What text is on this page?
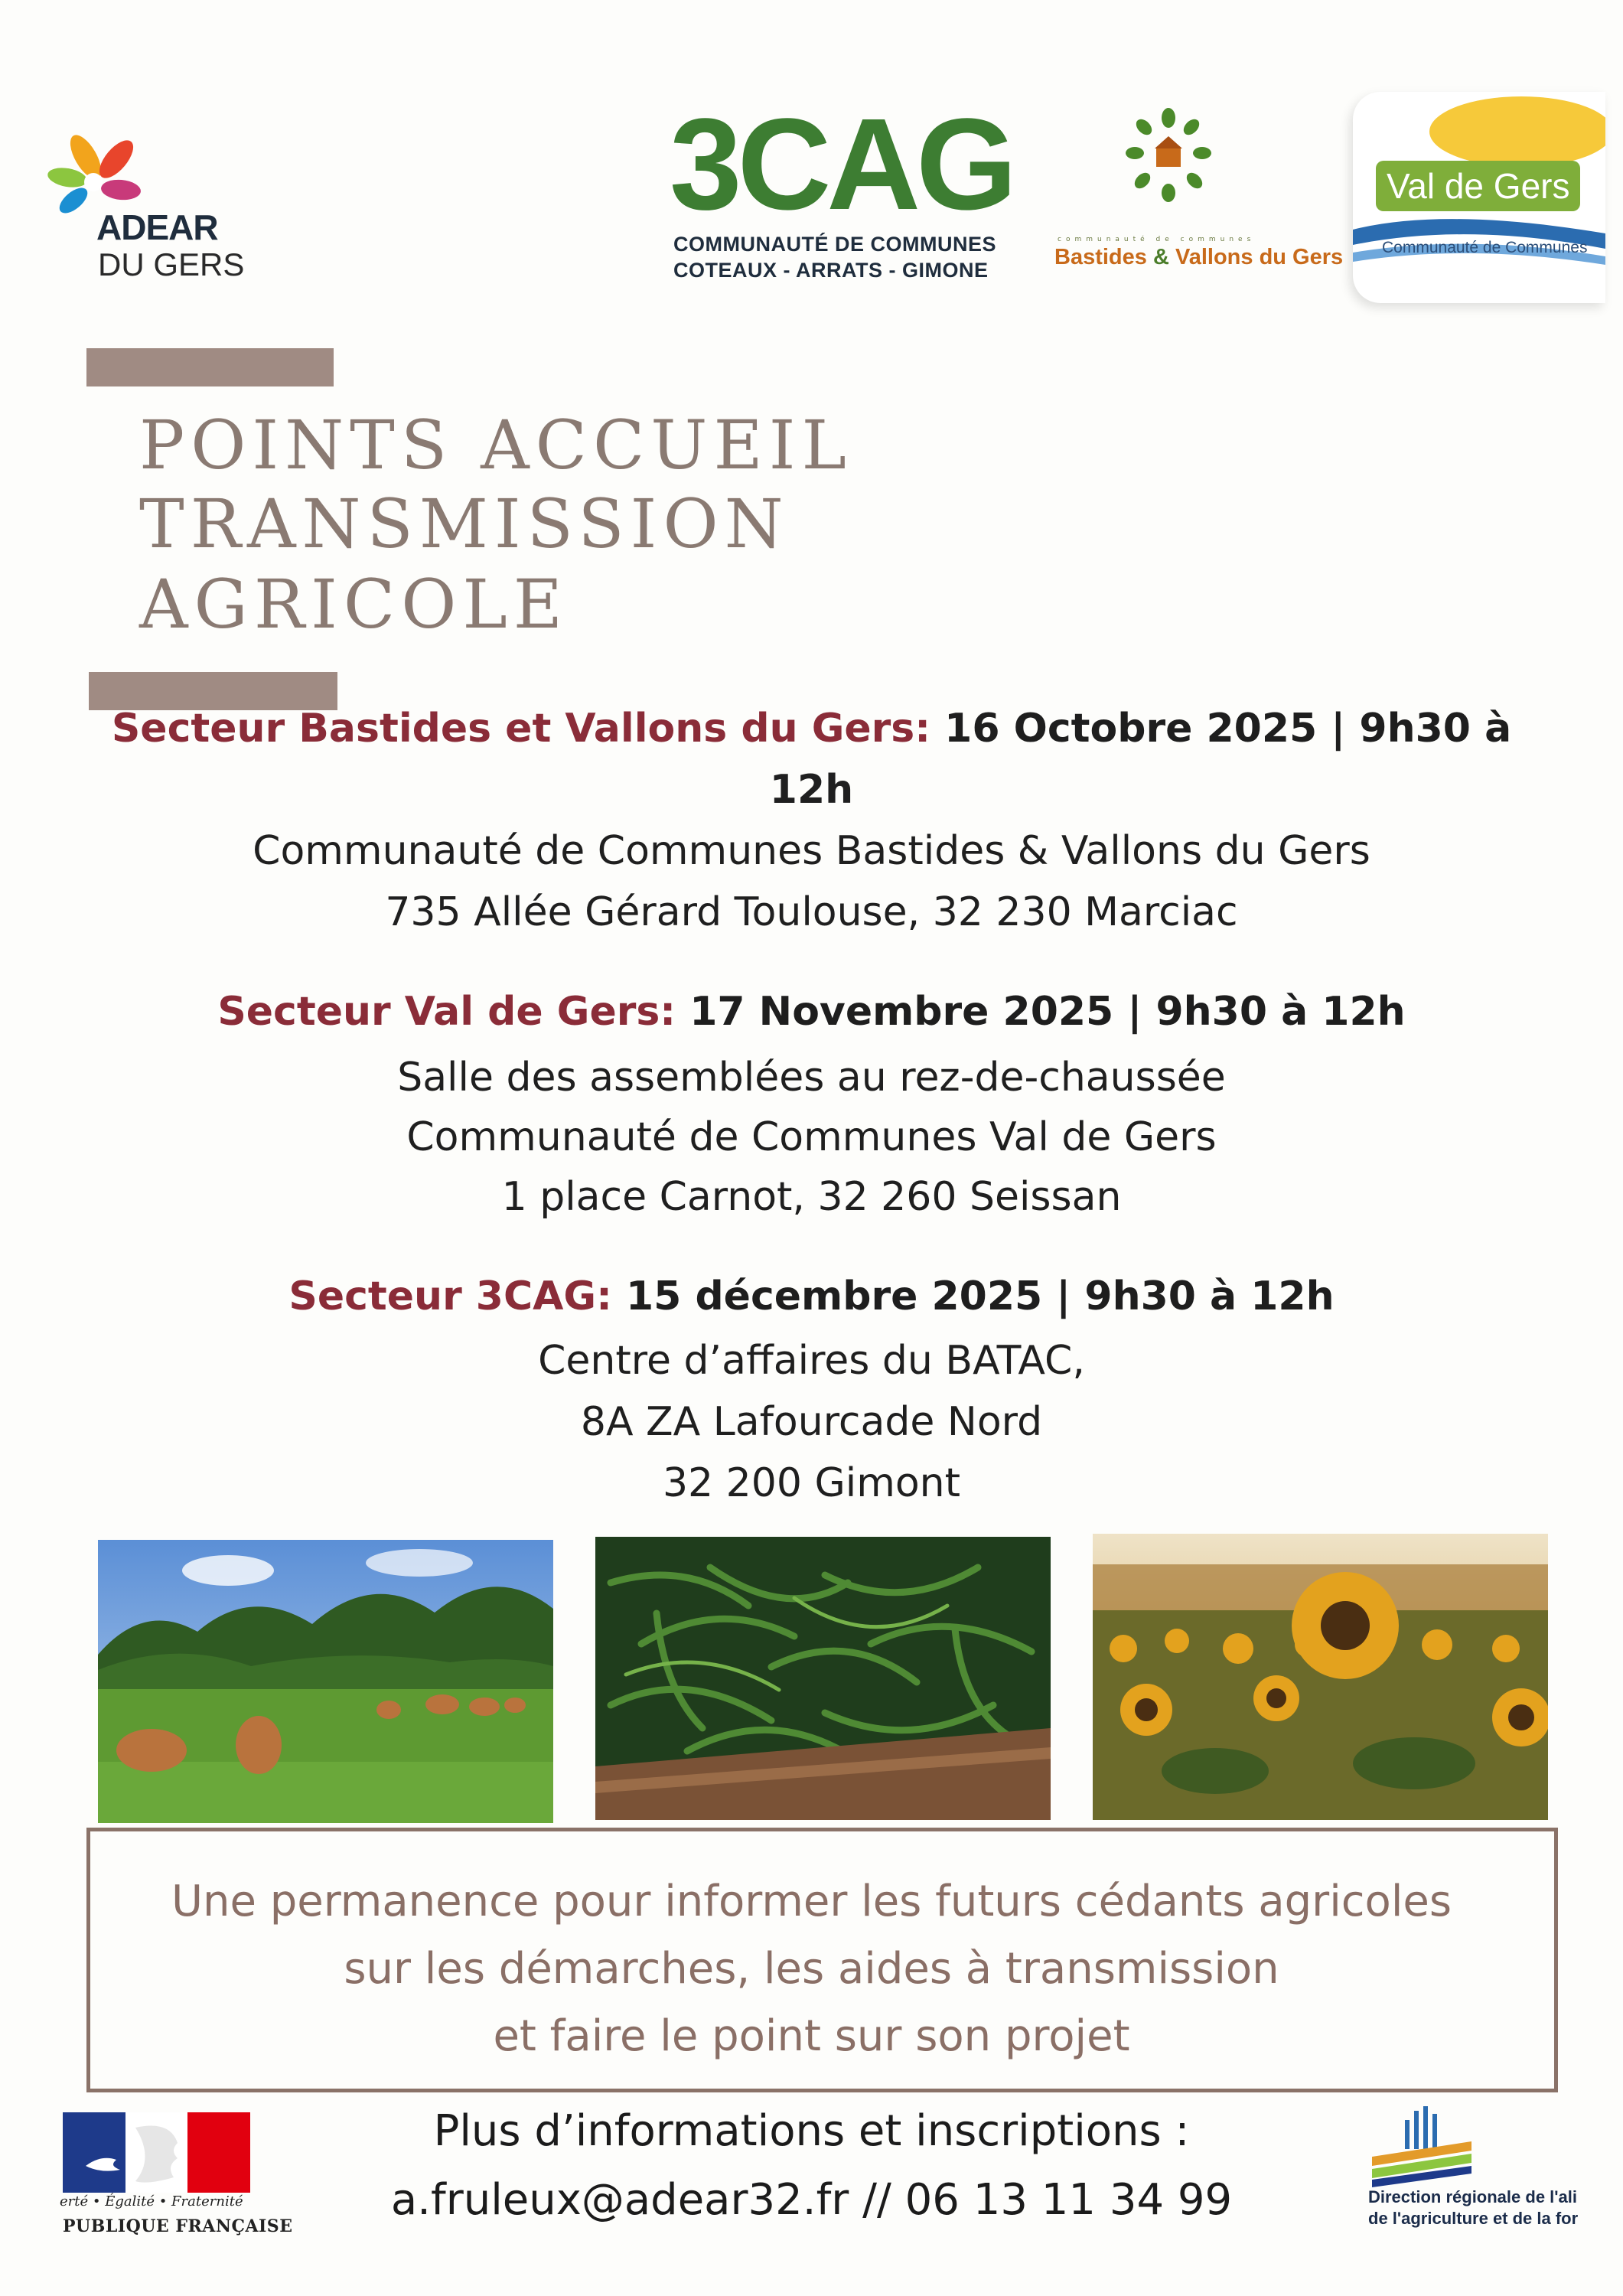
ADEAR
DU GERS
3CAG
COMMUNAUTÉ DE COMMUNES
COTEAUX - ARRATS - GIMONE
communauté de communes
Bastides & Vallons du Gers
Val de Gers
Communauté de Communes
POINTS ACCUEIL
TRANSMISSION
AGRICOLE
Secteur Bastides et Vallons du Gers: 16 Octobre 2025 | 9h30 à
12h
Communauté de Communes Bastides & Vallons du Gers
735 Allée Gérard Toulouse, 32 230 Marciac
Secteur Val de Gers: 17 Novembre 2025 | 9h30 à 12h
Salle des assemblées au rez-de-chaussée
Communauté de Communes Val de Gers
1 place Carnot, 32 260 Seissan
Secteur 3CAG: 15 décembre 2025 | 9h30 à 12h
Centre d’affaires du BATAC,
8A ZA Lafourcade Nord
32 200 Gimont
Une permanence pour informer les futurs cédants agricoles
sur les démarches, les aides à transmission
et faire le point sur son projet
erté • Égalité • Fraternité
PUBLIQUE FRANÇAISE
Plus d’informations et inscriptions :
a.fruleux@adear32.fr // 06 13 11 34 99	Direction régionale de l'ali
de l'agriculture et de la for
